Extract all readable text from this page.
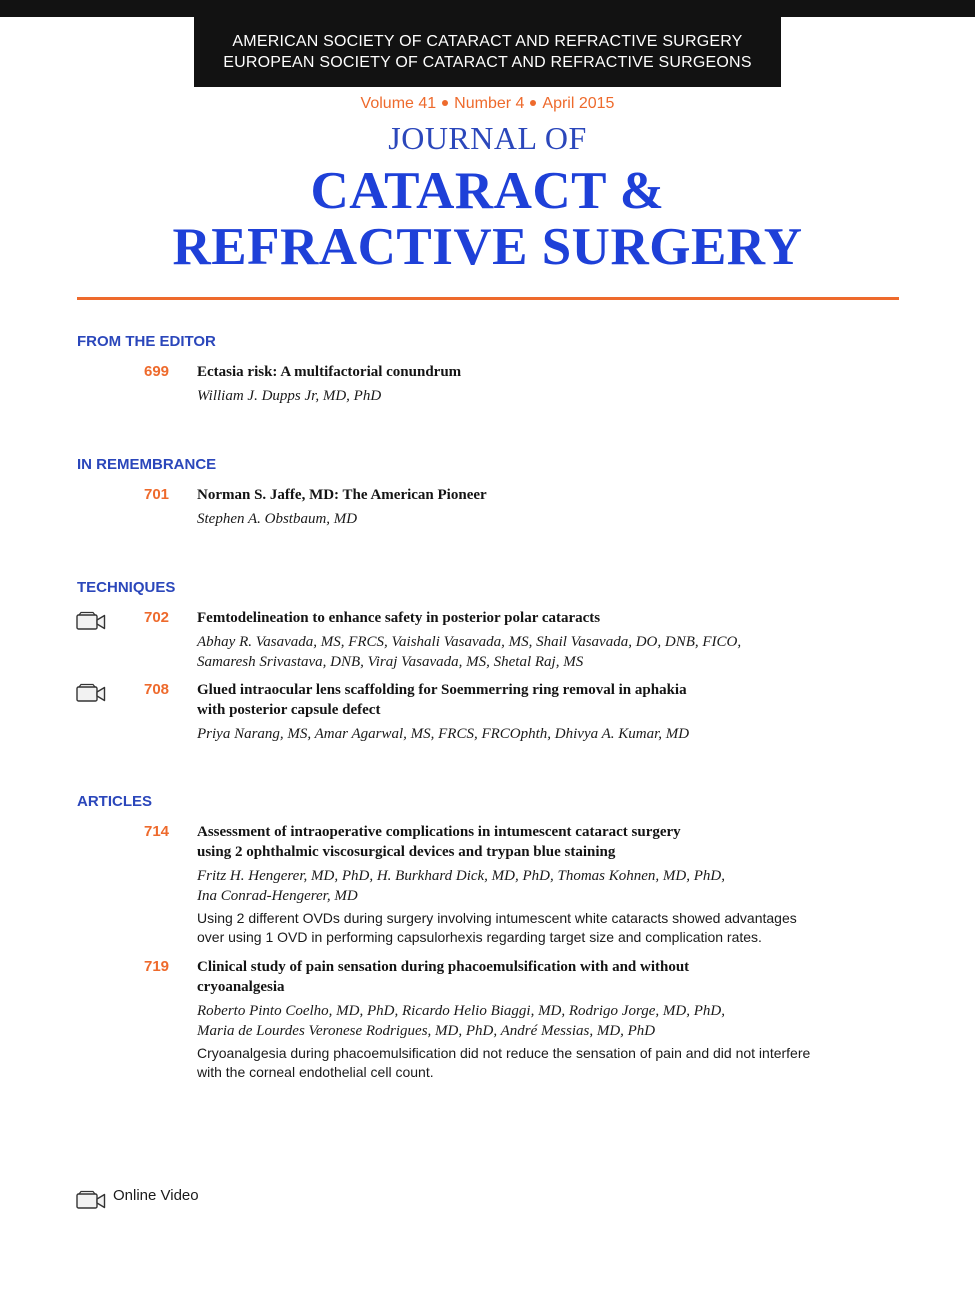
AMERICAN SOCIETY OF CATARACT AND REFRACTIVE SURGERY
EUROPEAN SOCIETY OF CATARACT AND REFRACTIVE SURGEONS
Volume 41 Number 4 April 2015
JOURNAL OF
CATARACT &
REFRACTIVE SURGERY
FROM THE EDITOR
699 Ectasia risk: A multifactorial conundrum
William J. Dupps Jr, MD, PhD
IN REMEMBRANCE
701 Norman S. Jaffe, MD: The American Pioneer
Stephen A. Obstbaum, MD
TECHNIQUES
702 Femtodelineation to enhance safety in posterior polar cataracts
Abhay R. Vasavada, MS, FRCS, Vaishali Vasavada, MS, Shail Vasavada, DO, DNB, FICO,
Samaresh Srivastava, DNB, Viraj Vasavada, MS, Shetal Raj, MS
708 Glued intraocular lens scaffolding for Soemmerring ring removal in aphakia
with posterior capsule defect
Priya Narang, MS, Amar Agarwal, MS, FRCS, FRCOphth, Dhivya A. Kumar, MD
ARTICLES
714 Assessment of intraoperative complications in intumescent cataract surgery
using 2 ophthalmic viscosurgical devices and trypan blue staining
Fritz H. Hengerer, MD, PhD, H. Burkhard Dick, MD, PhD, Thomas Kohnen, MD, PhD,
Ina Conrad-Hengerer, MD
Using 2 different OVDs during surgery involving intumescent white cataracts showed advantages
over using 1 OVD in performing capsulorhexis regarding target size and complication rates.
719 Clinical study of pain sensation during phacoemulsification with and without
cryoanalgesia
Roberto Pinto Coelho, MD, PhD, Ricardo Helio Biaggi, MD, Rodrigo Jorge, MD, PhD,
Maria de Lourdes Veronese Rodrigues, MD, PhD, André Messias, MD, PhD
Cryoanalgesia during phacoemulsification did not reduce the sensation of pain and did not interfere
with the corneal endothelial cell count.
Online Video
